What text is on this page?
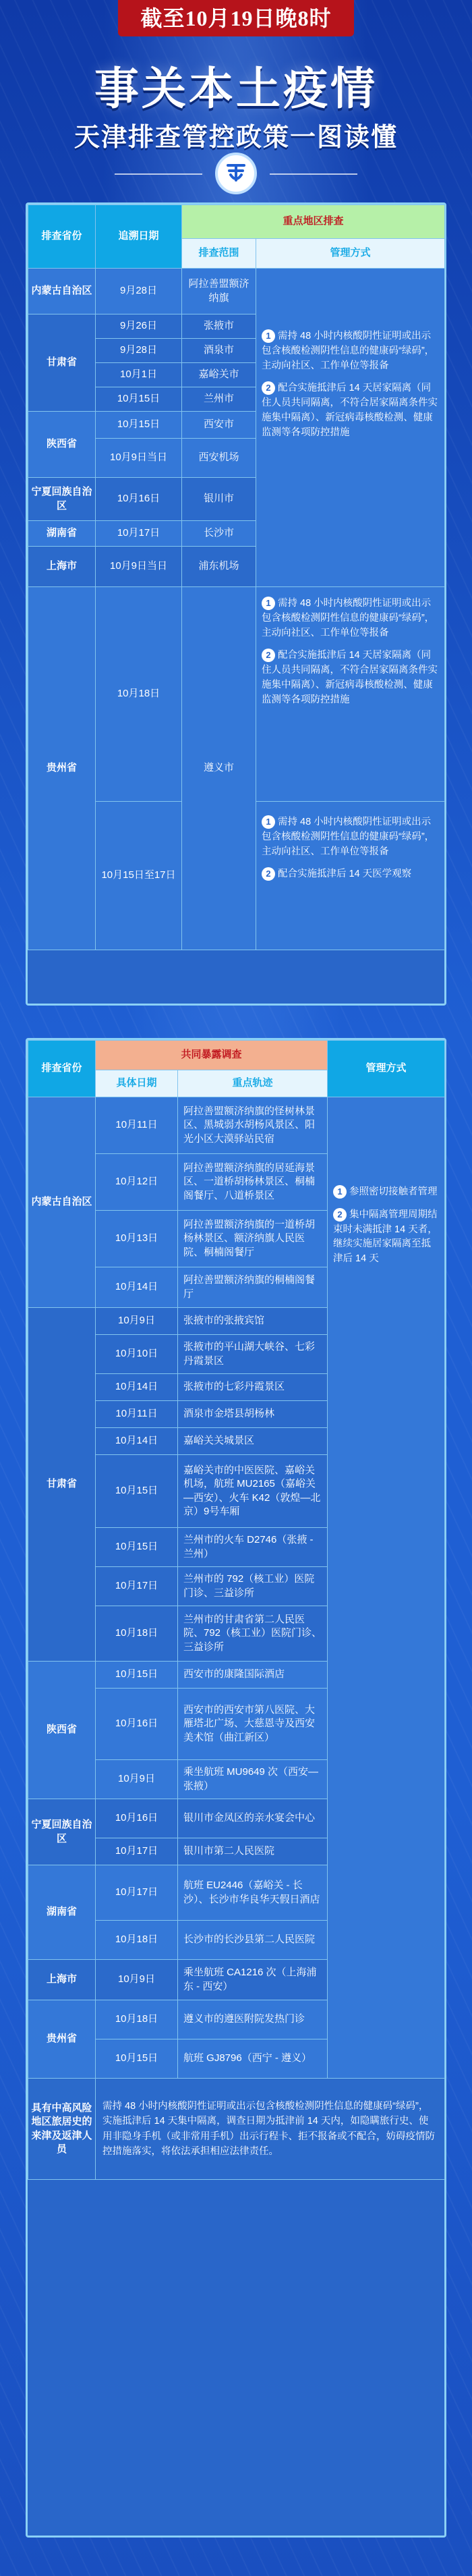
截至10月19日晚8时
事关本土疫情
天津排查管控政策一图读懂
排查省份	追溯日期	重点地区排查	
		排查范围	管理方式
内蒙古自治区	9月28日	阿拉善盟额济纳旗	1 需持 48 小时内核酸阴性证明或出示包含核酸检测阴性信息的健康码“绿码”，主动向社区、工作单位等报备

2 配合实施抵津后 14 天居家隔离（同住人员共同隔离，不符合居家隔离条件实施集中隔离）、新冠病毒核酸检测、健康监测等各项防控措施

甘肃省	9月26日	张掖市	
	9月28日	酒泉市	
	10月1日	嘉峪关市	
	10月15日	兰州市	
陕西省	10月15日	西安市	
	10月9日当日	西安机场	
宁夏回族自治区	10月16日	银川市	
湖南省	10月17日	长沙市	
上海市	10月9日当日	浦东机场	
贵州省	10月18日	遵义市	1 需持 48 小时内核酸阴性证明或出示包含核酸检测阴性信息的健康码“绿码”，主动向社区、工作单位等报备

2 配合实施抵津后 14 天居家隔离（同住人员共同隔离，不符合居家隔离条件实施集中隔离）、新冠病毒核酸检测、健康监测等各项防控措施

	10月15日至17日		1 需持 48 小时内核酸阴性证明或出示包含核酸检测阴性信息的健康码“绿码”，主动向社区、工作单位等报备

2 配合实施抵津后 14 天医学观察

排查省份	共同暴露调查		管理方式
	具体日期	重点轨迹	
内蒙古自治区	10月11日	阿拉善盟额济纳旗的怪树林景区、黑城弱水胡杨风景区、阳光小区大漠驿站民宿	1 参照密切接触者管理

2 集中隔离管理周期结束时未满抵津 14 天者，继续实施居家隔离至抵津后 14 天

	10月12日	阿拉善盟额济纳旗的居延海景区、一道桥胡杨林景区、桐楠阁餐厅、八道桥景区	
	10月13日	阿拉善盟额济纳旗的一道桥胡杨林景区、额济纳旗人民医院、桐楠阁餐厅	
	10月14日	阿拉善盟额济纳旗的桐楠阁餐厅	
甘肃省	10月9日	张掖市的张掖宾馆	
	10月10日	张掖市的平山湖大峡谷、七彩丹霞景区	
	10月14日	张掖市的七彩丹霞景区	
	10月11日	酒泉市金塔县胡杨林	
	10月14日	嘉峪关关城景区	
	10月15日	嘉峪关市的中医医院、嘉峪关机场，航班 MU2165（嘉峪关—西安）、火车 K42（敦煌—北京）9号车厢	
	10月15日	兰州市的火车 D2746（张掖 - 兰州）	
	10月17日	兰州市的 792（核工业）医院门诊、三益诊所	
	10月18日	兰州市的甘肃省第二人民医院、792（核工业）医院门诊、三益诊所	
陕西省	10月15日	西安市的康隆国际酒店	
	10月16日	西安市的西安市第八医院、大雁塔北广场、大慈恩寺及西安美术馆（曲江新区）	
	10月9日	乘坐航班 MU9649 次（西安—张掖）	
宁夏回族自治区	10月16日	银川市金凤区的亲水宴会中心	
	10月17日	银川市第二人民医院	
湖南省	10月17日	航班 EU2446（嘉峪关 - 长沙）、长沙市华良华天假日酒店	
	10月18日	长沙市的长沙县第二人民医院	
上海市	10月9日	乘坐航班 CA1216 次（上海浦东 - 西安）	
贵州省	10月18日	遵义市的遵医附院发热门诊	
	10月15日	航班 GJ8796（西宁 - 遵义）	
具有中高风险地区旅居史的来津及返津人员	需持 48 小时内核酸阴性证明或出示包含核酸检测阴性信息的健康码“绿码”，实施抵津后 14 天集中隔离，调查日期为抵津前 14 天内，如隐瞒旅行史、使用非隐身手机（或非常用手机）出示行程卡、拒不报备或不配合，妨碍疫情防控措施落实，将依法承担相应法律责任。		
